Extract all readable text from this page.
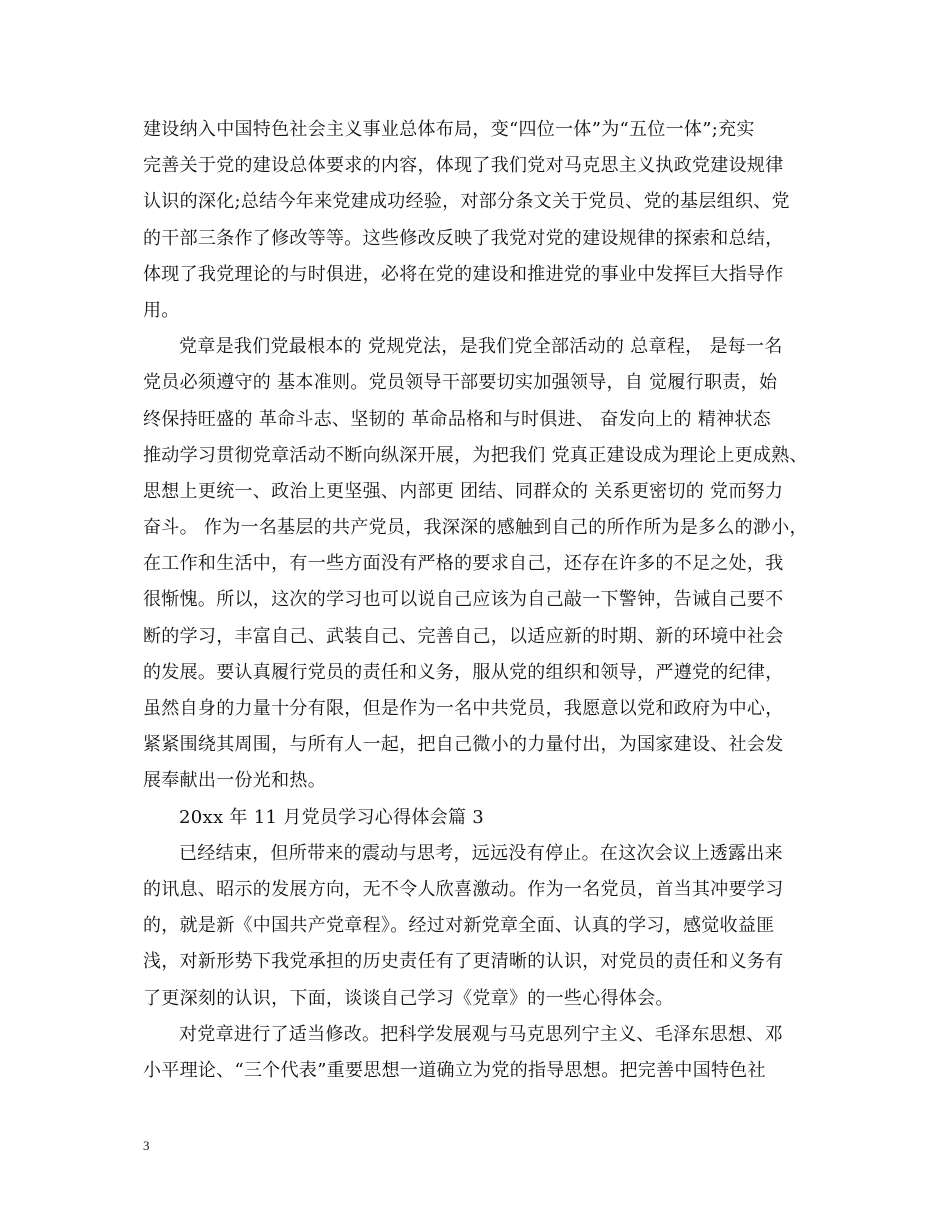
建设纳入中国特色社会主义事业总体布局，变“四位一体”为“五位一体”;充实
完善关于党的建设总体要求的内容，体现了我们党对马克思主义执政党建设规律
认识的深化;总结今年来党建成功经验，对部分条文关于党员、党的基层组织、党
的干部三条作了修改等等。这些修改反映了我党对党的建设规律的探索和总结，
体现了我党理论的与时俱进，必将在党的建设和推进党的事业中发挥巨大指导作
用。
党章是我们党最根本的 党规党法，是我们党全部活动的 总章程， 是每一名
党员必须遵守的 基本准则。党员领导干部要切实加强领导，自 觉履行职责，始
终保持旺盛的 革命斗志、坚韧的 革命品格和与时俱进、 奋发向上的 精神状态
推动学习贯彻党章活动不断向纵深开展，为把我们 党真正建设成为理论上更成熟、
思想上更统一、政治上更坚强、内部更 团结、同群众的 关系更密切的 党而努力
奋斗。 作为一名基层的共产党员，我深深的感触到自己的所作所为是多么的渺小，
在工作和生活中，有一些方面没有严格的要求自己，还存在许多的不足之处，我
很惭愧。所以，这次的学习也可以说自己应该为自己敲一下警钟，告诫自己要不
断的学习，丰富自己、武装自己、完善自己，以适应新的时期、新的环境中社会
的发展。要认真履行党员的责任和义务，服从党的组织和领导，严遵党的纪律，
虽然自身的力量十分有限，但是作为一名中共党员，我愿意以党和政府为中心，
紧紧围绕其周围，与所有人一起，把自己微小的力量付出，为国家建设、社会发
展奉献出一份光和热。
20xx 年 11 月党员学习心得体会篇 3
已经结束，但所带来的震动与思考，远远没有停止。在这次会议上透露出来
的讯息、昭示的发展方向，无不令人欣喜激动。作为一名党员，首当其冲要学习
的，就是新《中国共产党章程》。经过对新党章全面、认真的学习，感觉收益匪
浅，对新形势下我党承担的历史责任有了更清晰的认识，对党员的责任和义务有
了更深刻的认识，下面，谈谈自己学习《党章》的一些心得体会。
对党章进行了适当修改。把科学发展观与马克思列宁主义、毛泽东思想、邓
小平理论、“三个代表”重要思想一道确立为党的指导思想。把完善中国特色社
3
